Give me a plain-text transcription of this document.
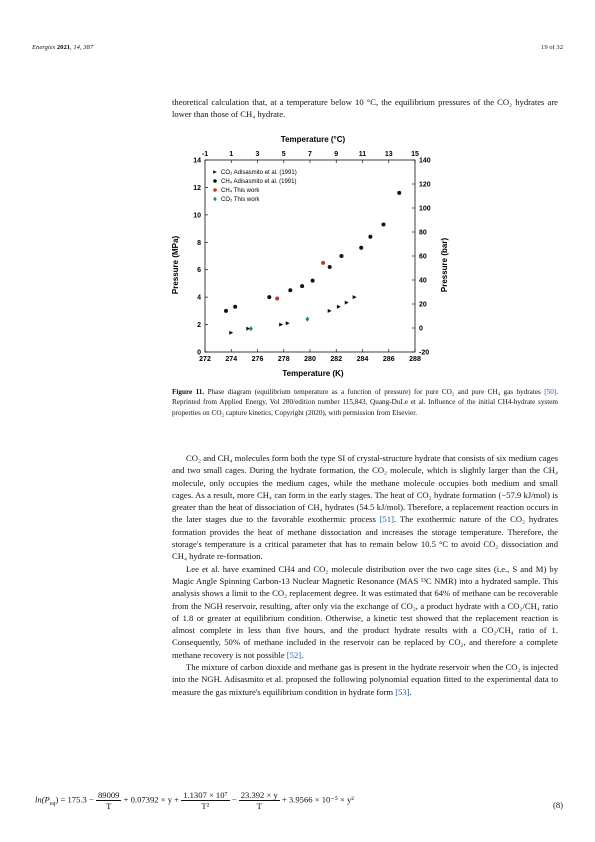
Energies 2021, 14, 387	19 of 32

theoretical calculation that, at a temperature below 10 °C, the equilibrium pressures of the CO₂ hydrates are lower than those of CH₄ hydrate.

272 274 276 278 280 282 284 286 288
-1	1	3	5	7	9	11	13	15
0
2
4
6
8
10
12
14
-20
0
20
40
60
80
100
120
140
CO₂ Adisasmito et al. (1991)
CH₄ Adisasmito et al. (1991)
CH₄ This work
CO₂ This work
Temperature (°C)
Temperature (K)
Pressure (MPa)	Pressure (bar)
Figure 11. Phase diagram (equilibrium temperature as a function of pressure) for pure CO₂ and pure CH₄ gas hydrates [50]. Reprinted from Applied Energy, Vol 280/edition number 115,843, Quang-DuLe et al. Influence of the initial CH4-hydrate system properties on CO₂ capture kinetics, Copyright (2020), with permission from Elsevier.

CO₂ and CH₄ molecules form both the type SI of crystal-structure hydrate that consists of six medium cages and two small cages. During the hydrate formation, the CO₂ molecule, which is slightly larger than the CH₄ molecule, only occupies the medium cages, while the methane molecule occupies both medium and small cages. As a result, more CH₄ can form in the early stages. The heat of CO₂ hydrate formation (−57.9 kJ/mol) is greater than the heat of dissociation of CH₄ hydrates (54.5 kJ/mol). Therefore, a replacement reaction occurs in the later stages due to the favorable exothermic process [51]. The exothermic nature of the CO₂ hydrates formation provides the heat of methane dissociation and increases the storage temperature. Therefore, the storage's temperature is a critical parameter that has to remain below 10.5 °C to avoid CO₂ dissociation and CH₄ hydrate re-formation.

Lee et al. have examined CH4 and CO₂ molecule distribution over the two cage sites (i.e., S and M) by Magic Angle Spinning Carbon-13 Nuclear Magnetic Resonance (MAS ¹³C NMR) into a hydrated sample. This analysis shows a limit to the CO₂ replacement degree. It was estimated that 64% of methane can be recoverable from the NGH reservoir, resulting, after only via the exchange of CO₂, a product hydrate with a CO₂/CH₄ ratio of 1.8 or greater at equilibrium condition. Otherwise, a kinetic test showed that the replacement reaction is almost complete in less than five hours, and the product hydrate results with a CO₂/CH₄ ratio of 1. Consequently, 50% of methane included in the reservoir can be replaced by CO₂, and therefore a complete methane recovery is not possible [52].

The mixture of carbon dioxide and methane gas is present in the hydrate reservoir when the CO₂ is injected into the NGH. Adisasmito et al. proposed the following polynomial equation fitted to the experimental data to measure the gas mixture's equilibrium condition in hydrate form [53].

$\ln(P_{eq}) = 175.3 - \frac{89009}{T} + 0.07392 \times y + \frac{\text{1.1307 × 10⁷}}{\text{T²}} - \frac{23.392 \times y}{T} + 3.9566 \times 10^{-5} \times y^2$
(8)
